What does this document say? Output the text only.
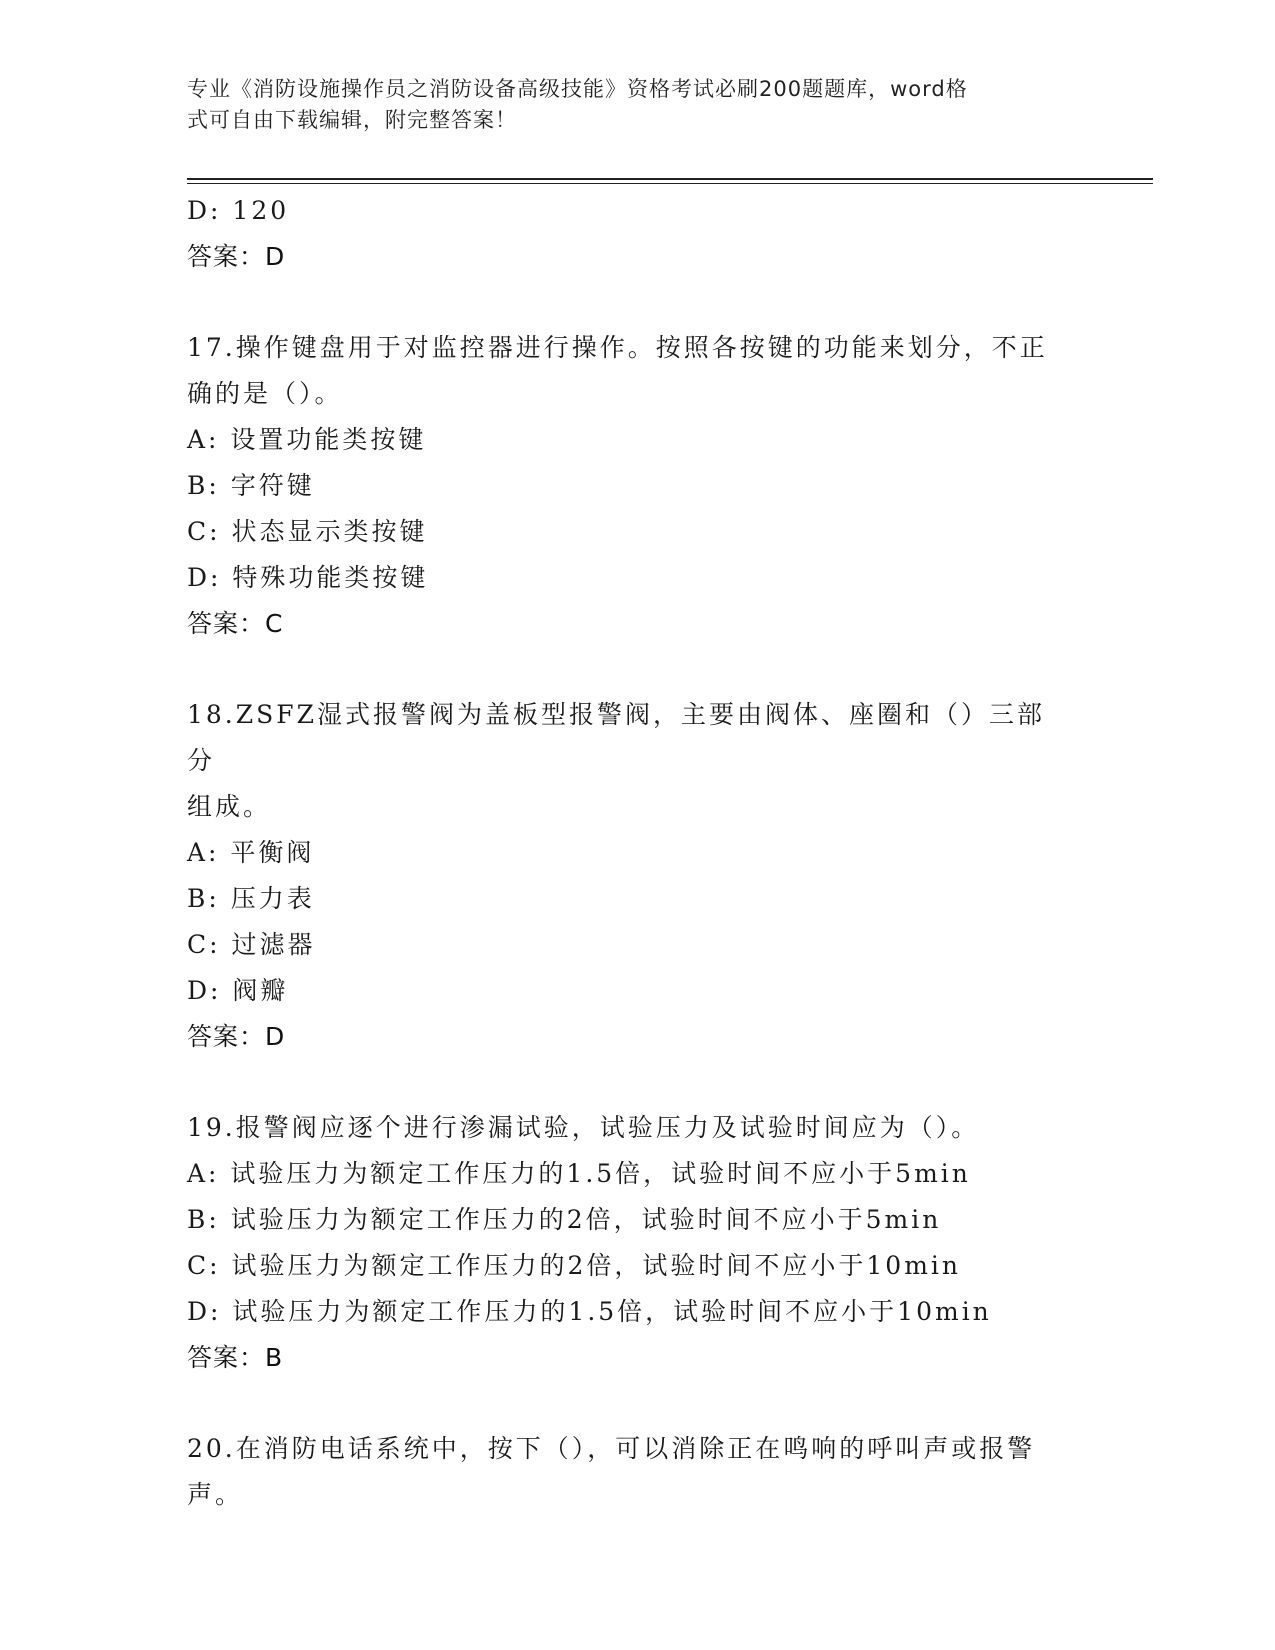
专业《消防设施操作员之消防设备高级技能》资格考试必刷200题题库，word格
式可自由下载编辑，附完整答案！
D: 120
答案：D
17.操作键盘用于对监控器进行操作。按照各按键的功能来划分，不正
确的是（）。
A: 设置功能类按键
B: 字符键
C: 状态显示类按键
D: 特殊功能类按键
答案：C
18.ZSFZ湿式报警阀为盖板型报警阀，主要由阀体、座圈和（）三部分
组成。
A: 平衡阀
B: 压力表
C: 过滤器
D: 阀瓣
答案：D
19.报警阀应逐个进行渗漏试验，试验压力及试验时间应为（）。
A: 试验压力为额定工作压力的1.5倍，试验时间不应小于5min
B: 试验压力为额定工作压力的2倍，试验时间不应小于5min
C: 试验压力为额定工作压力的2倍，试验时间不应小于10min
D: 试验压力为额定工作压力的1.5倍，试验时间不应小于10min
答案：B
20.在消防电话系统中，按下（），可以消除正在鸣响的呼叫声或报警
声。
